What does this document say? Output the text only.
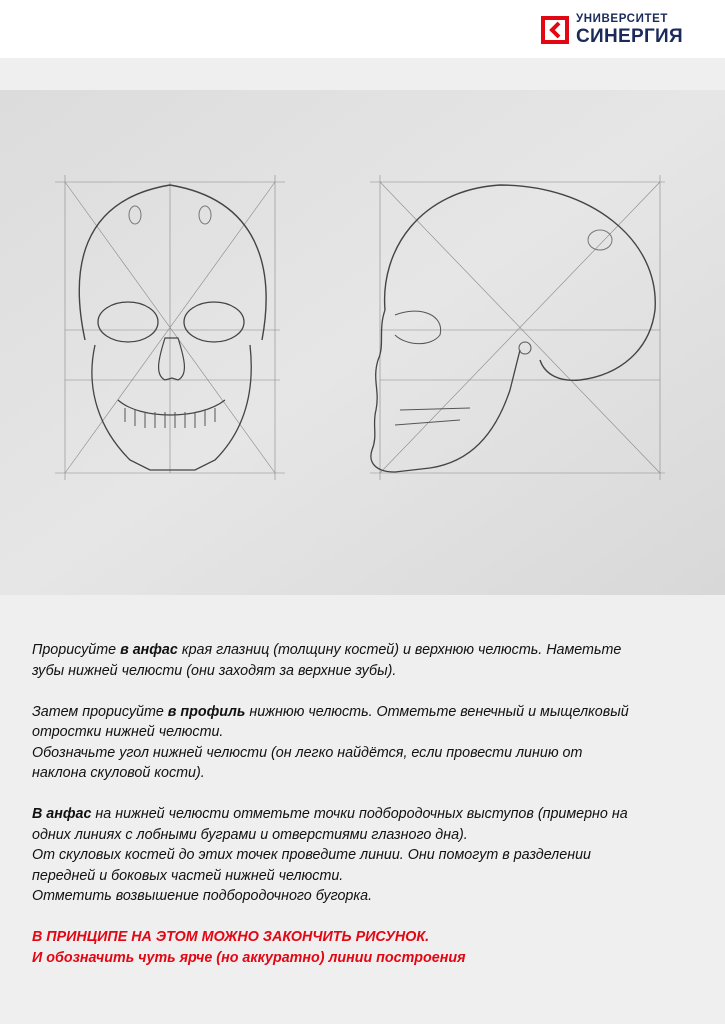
УНИВЕРСИТЕТ
СИНЕРГИЯ

Прорисуйте в анфас края глазниц (толщину костей) и верхнюю челюсть. Наметьте
зубы нижней челюсти (они заходят за верхние зубы).

Затем прорисуйте в профиль нижнюю челюсть. Отметьте венечный и мыщелковый
отростки нижней челюсти.
Обозначьте угол нижней челюсти (он легко найдётся, если провести линию от
наклона скуловой кости).

В анфас на нижней челюсти отметьте точки подбородочных выступов (примерно на
одних линиях с лобными буграми и отверстиями глазного дна).
От скуловых костей до этих точек проведите линии. Они помогут в разделении
передней и боковых частей нижней челюсти.
Отметить возвышение подбородочного бугорка.

В ПРИНЦИПЕ НА ЭТОМ МОЖНО ЗАКОНЧИТЬ РИСУНОК.
И обозначить чуть ярче (но аккуратно) линии построения
